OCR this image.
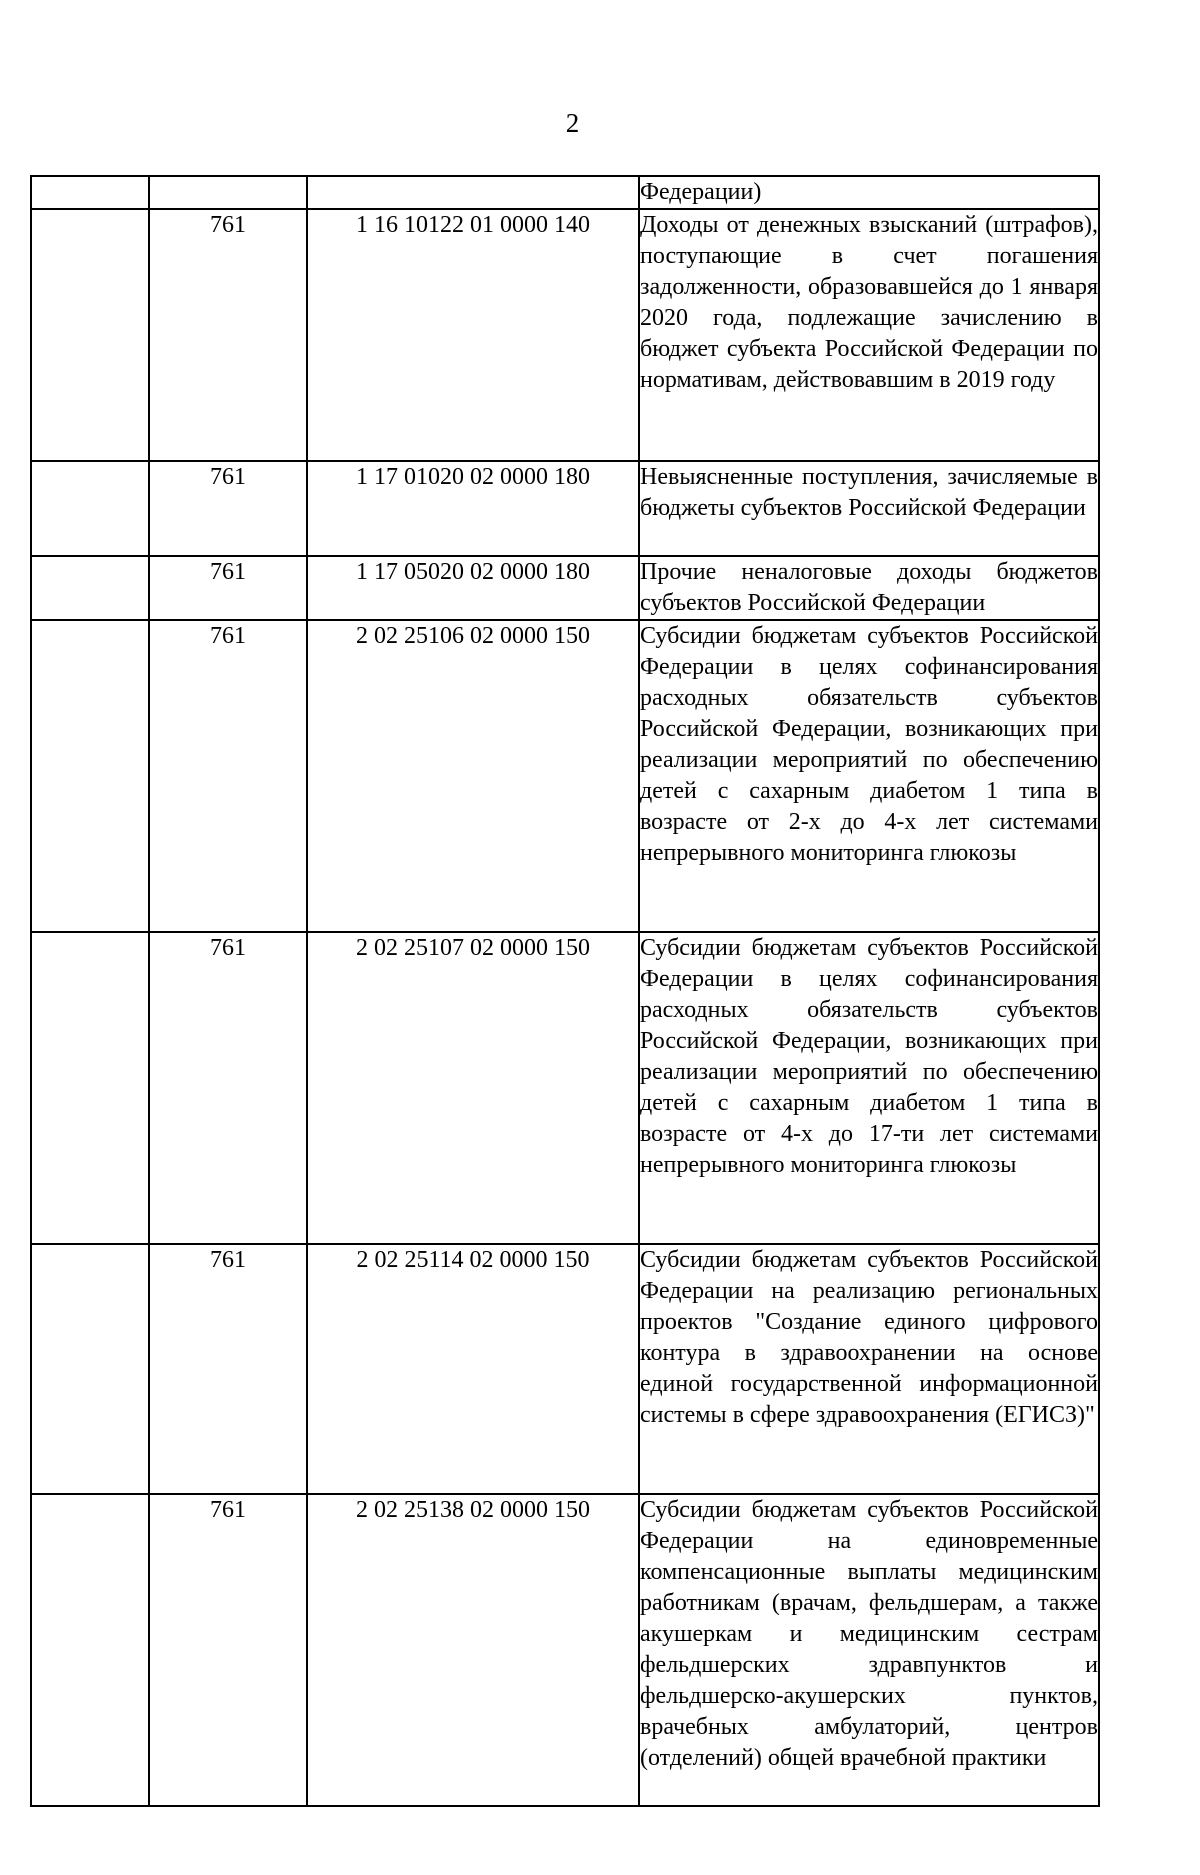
2
			Федерации)
	761	1 16 10122 01 0000 140	Доходы от денежных взысканий (штрафов), поступающие в счет погашения задолженности, образовавшейся до 1 января 2020 года, подлежащие зачислению в бюджет субъекта Российской Федерации по нормативам, действовавшим в 2019 году
	761	1 17 01020 02 0000 180	Невыясненные поступления, зачисляемые в бюджеты субъектов Российской Федерации
	761	1 17 05020 02 0000 180	Прочие неналоговые доходы бюджетов субъектов Российской Федерации
	761	2 02 25106 02 0000 150	Субсидии бюджетам субъектов Российской Федерации в целях софинансирования расходных обязательств субъектов Российской Федерации, возникающих при реализации мероприятий по обеспечению детей с сахарным диабетом 1 типа в возрасте от 2-х до 4-х лет системами непрерывного мониторинга глюкозы
	761	2 02 25107 02 0000 150	Субсидии бюджетам субъектов Российской Федерации в целях софинансирования расходных обязательств субъектов Российской Федерации, возникающих при реализации мероприятий по обеспечению детей с сахарным диабетом 1 типа в возрасте от 4-х до 17-ти лет системами непрерывного мониторинга глюкозы
	761	2 02 25114 02 0000 150	Субсидии бюджетам субъектов Российской Федерации на реализацию региональных проектов "Создание единого цифрового контура в здравоохранении на основе единой государственной информационной системы в сфере здравоохранения (ЕГИСЗ)"
	761	2 02 25138 02 0000 150	Субсидии бюджетам субъектов Российской Федерации на единовременные компенсационные выплаты медицинским работникам (врачам, фельдшерам, а также акушеркам и медицинским сестрам фельдшерских здравпунктов и фельдшерско-акушерских пунктов, врачебных амбулаторий, центров (отделений) общей врачебной практики
